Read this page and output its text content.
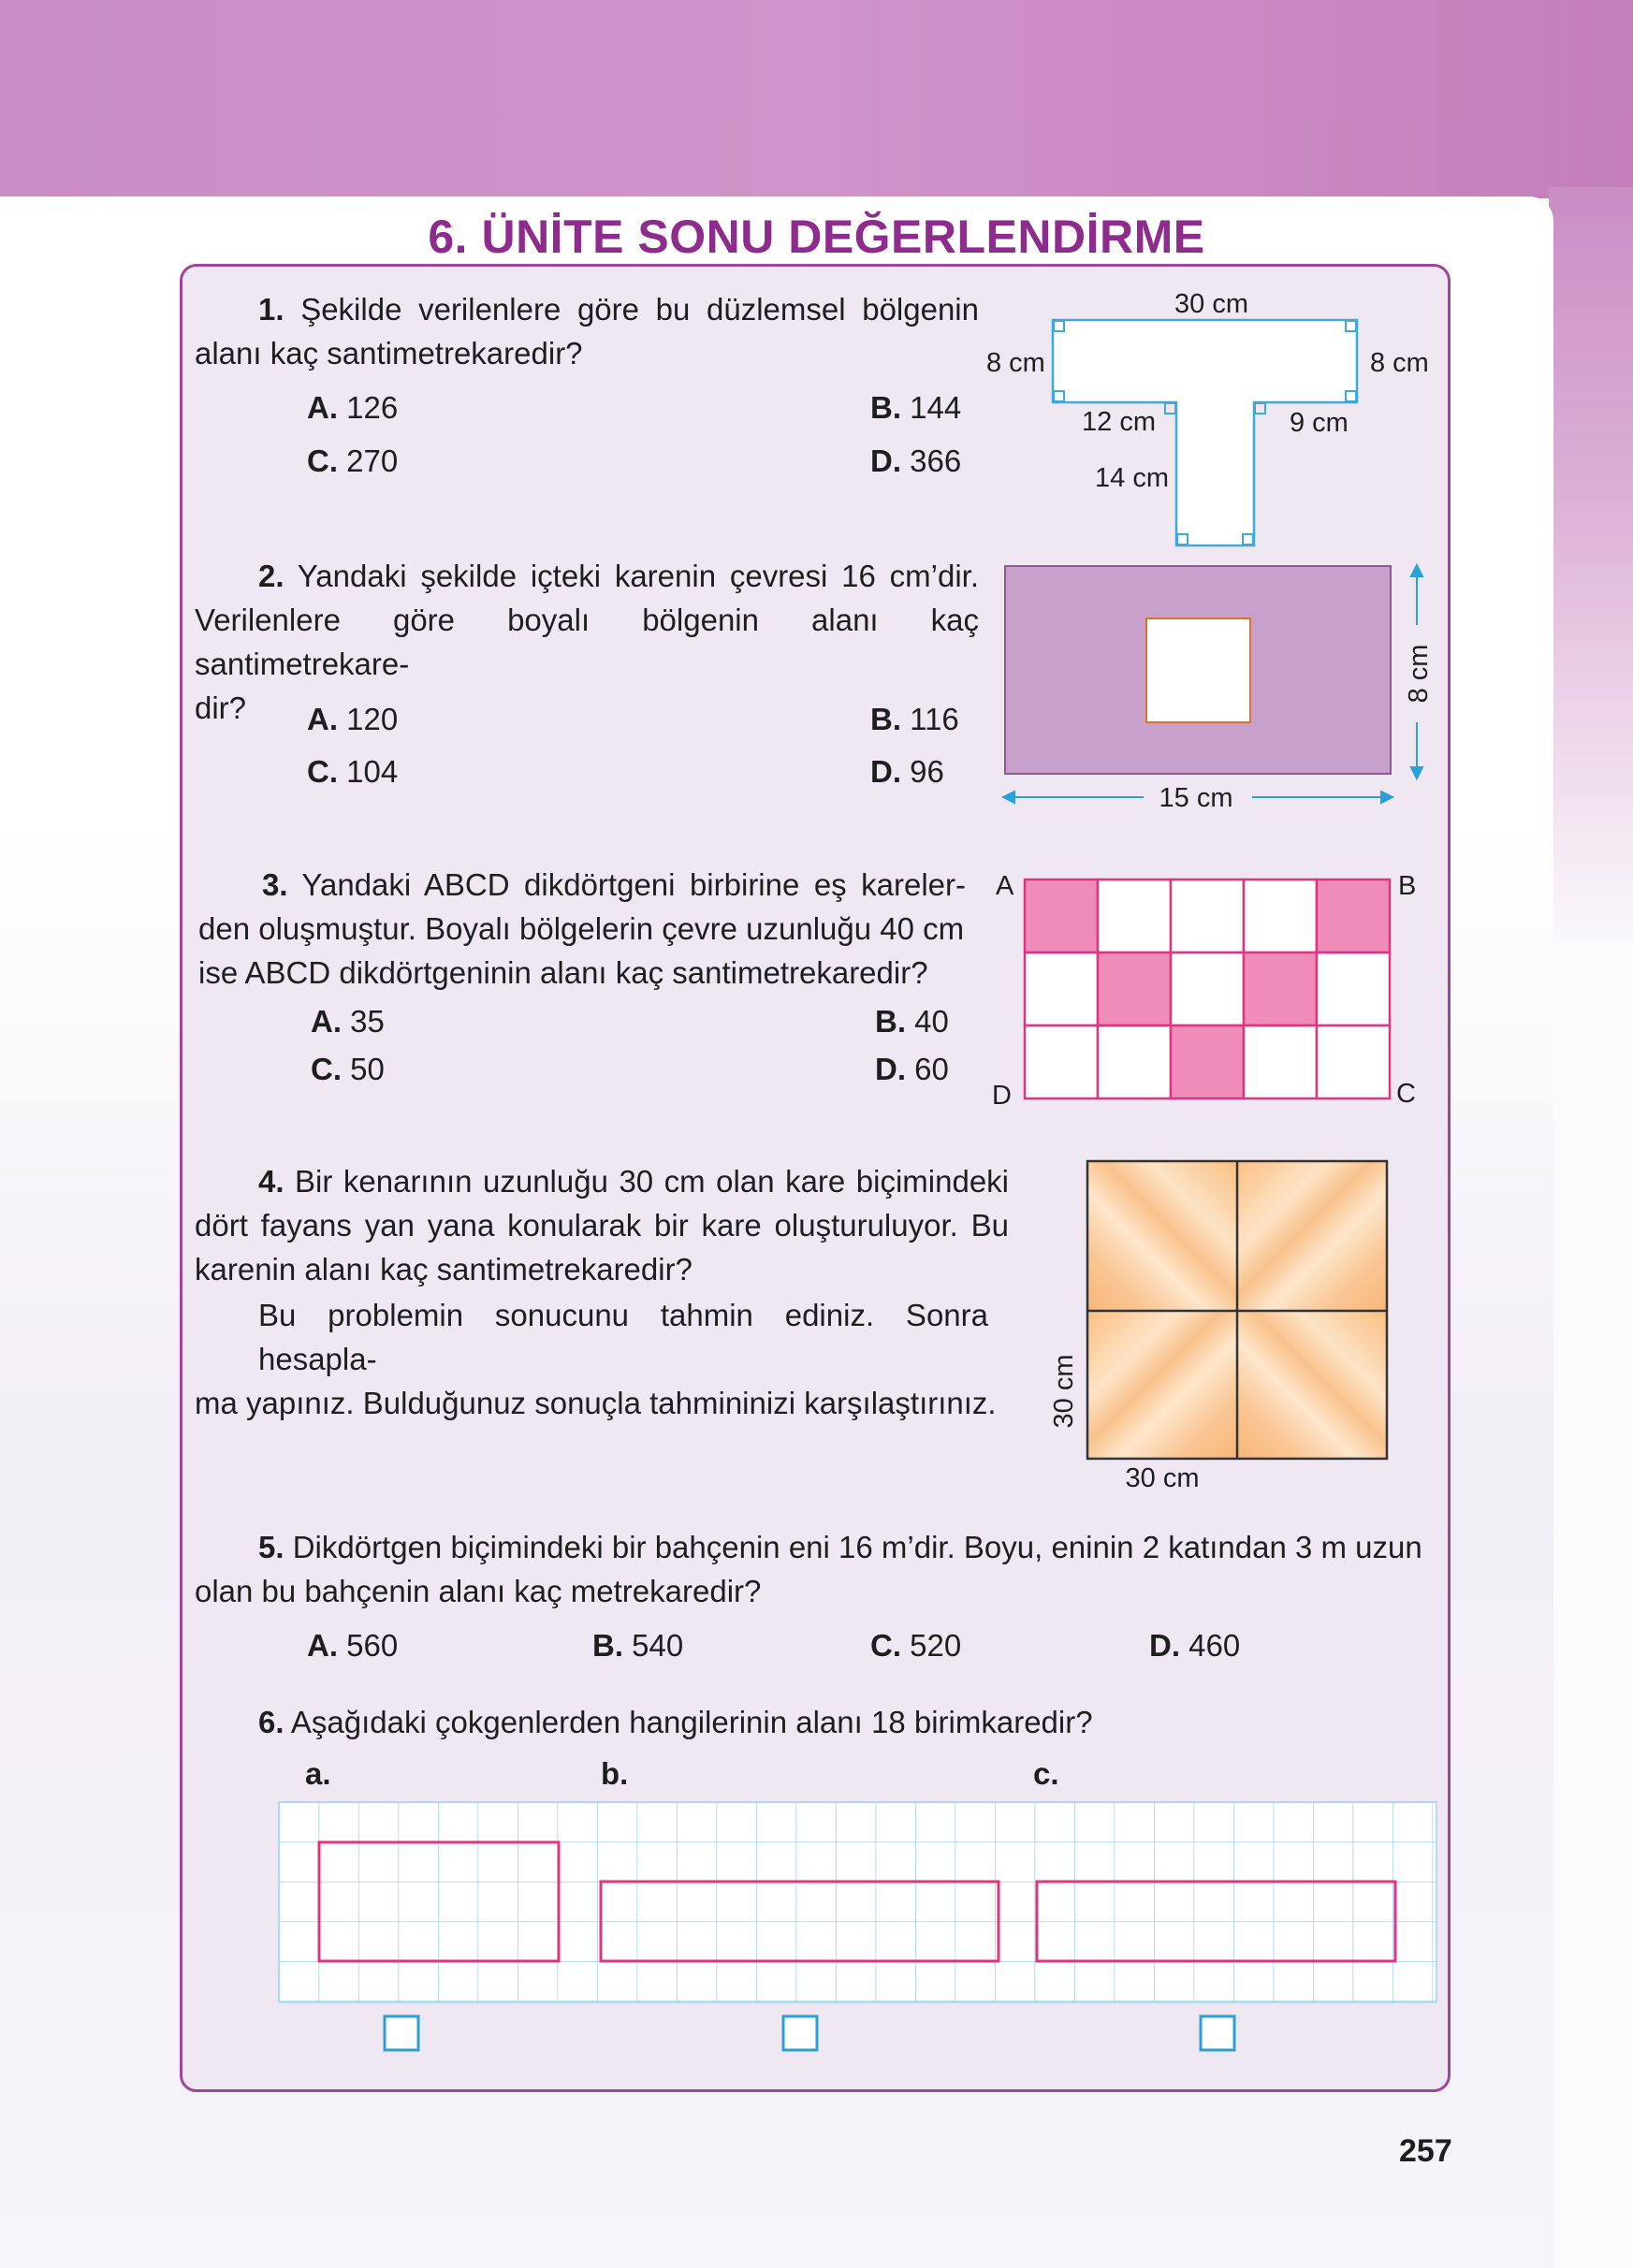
6. ÜNİTE SONU DEĞERLENDİRME
1. Şekilde verilenlere göre bu düzlemsel bölgenin
alanı kaç santimetrekaredir?
A. 126	B. 144
C. 270	D. 366
30 cm
8 cm	8 cm
12 cm	9 cm
14 cm
2. Yandaki şekilde içteki karenin çevresi 16 cm’dir.
Verilenlere göre boyalı bölgenin alanı kaç santimetrekare-
dir?	A. 120	B. 116
C. 104	D. 96
8 cm
15 cm
3. Yandaki ABCD dikdörtgeni birbirine eş kareler-
den oluşmuştur. Boyalı bölgelerin çevre uzunluğu 40 cm
ise ABCD dikdörtgeninin alanı kaç santimetrekaredir?
A. 35	B. 40
C. 50	D. 60
A	B
C
D
4. Bir kenarının uzunluğu 30 cm olan kare biçimindeki
dört fayans yan yana konularak bir kare oluşturuluyor. Bu
karenin alanı kaç santimetrekaredir?
Bu problemin sonucunu tahmin ediniz. Sonra hesapla-
ma yapınız. Bulduğunuz sonuçla tahmininizi karşılaştırınız.	30 cm
30 cm
5. Dikdörtgen biçimindeki bir bahçenin eni 16 m’dir. Boyu, eninin 2 katından 3 m uzun
olan bu bahçenin alanı kaç metrekaredir?
A. 560	B. 540	C. 520	D. 460
6. Aşağıdaki çokgenlerden hangilerinin alanı 18 birimkaredir?
a.	b.	c.
257
